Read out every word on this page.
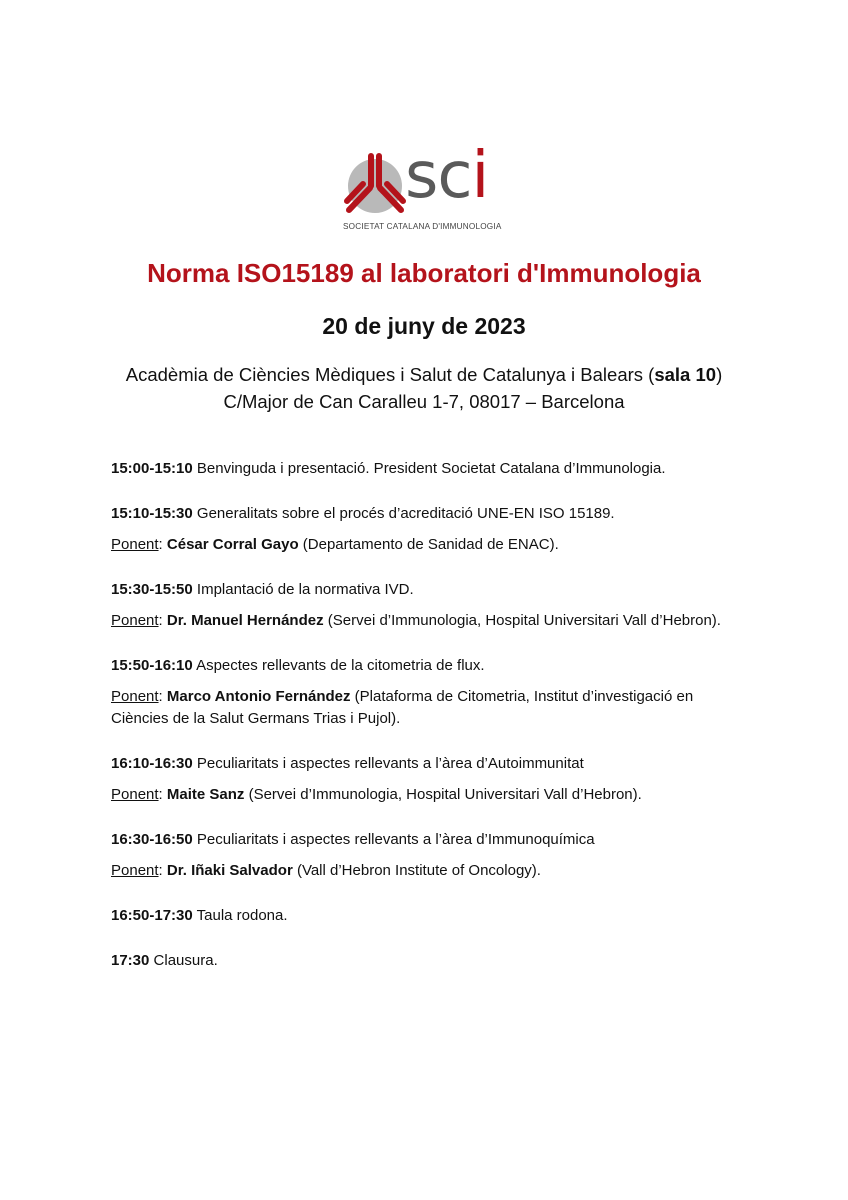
sci
SOCIETAT CATALANA D'IMMUNOLOGIA
Norma ISO15189 al laboratori d'Immunologia
20 de juny de 2023
Acadèmia de Ciències Mèdiques i Salut de Catalunya i Balears (sala 10)
C/Major de Can Caralleu 1-7, 08017 – Barcelona

15:00-15:10 Benvinguda i presentació. President Societat Catalana d’Immunologia.

15:10-15:30 Generalitats sobre el procés d’acreditació UNE-EN ISO 15189.

Ponent: César Corral Gayo (Departamento de Sanidad de ENAC).

15:30-15:50 Implantació de la normativa IVD.

Ponent: Dr. Manuel Hernández (Servei d’Immunologia, Hospital Universitari Vall d’Hebron).

15:50-16:10 Aspectes rellevants de la citometria de flux.

Ponent: Marco Antonio Fernández (Plataforma de Citometria, Institut d’investigació en Ciències de la Salut Germans Trias i Pujol).

16:10-16:30 Peculiaritats i aspectes rellevants a l’àrea d’Autoimmunitat

Ponent: Maite Sanz (Servei d’Immunologia, Hospital Universitari Vall d’Hebron).

16:30-16:50 Peculiaritats i aspectes rellevants a l’àrea d’Immunoquímica

Ponent: Dr. Iñaki Salvador (Vall d’Hebron Institute of Oncology).

16:50-17:30 Taula rodona.

17:30 Clausura.
